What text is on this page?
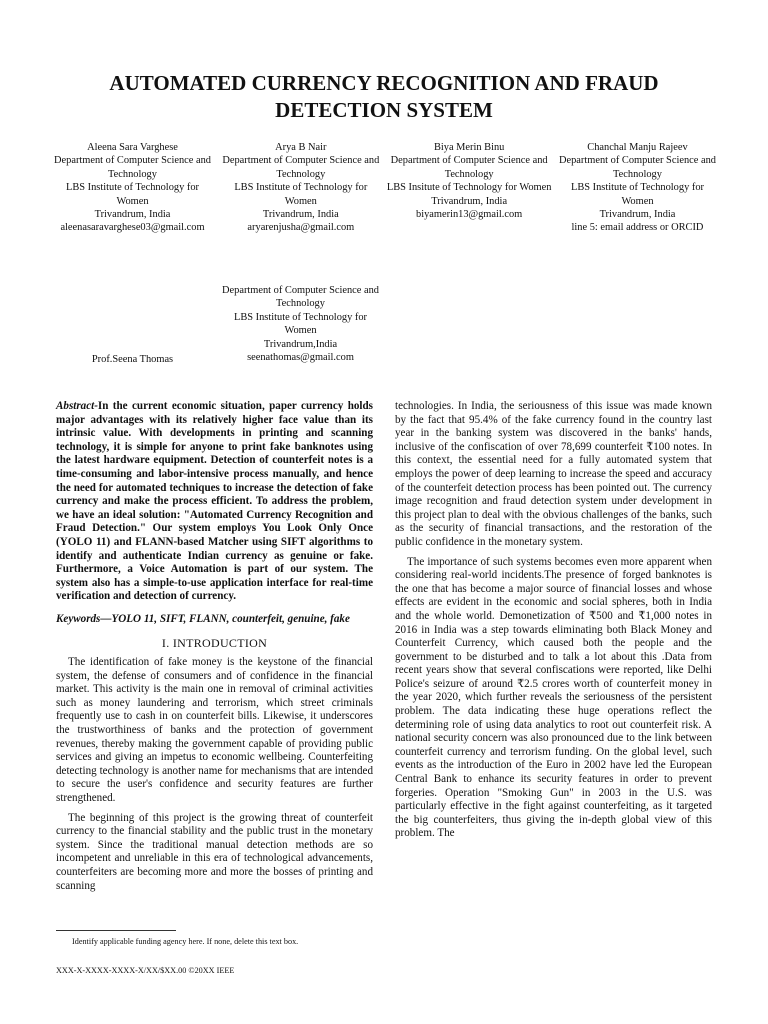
AUTOMATED CURRENCY RECOGNITION AND FRAUD DETECTION SYSTEM
Aleena Sara Varghese
Department of Computer Science and Technology
LBS Institute of Technology for Women
Trivandrum, India
aleenasaravarghese03@gmail.com
Arya B Nair
Department of Computer Science and Technology
LBS Institute of Technology for Women
Trivandrum, India
aryarenjusha@gmail.com
Biya Merin Binu
Department of Computer Science and Technology
LBS Insitute of Technology for Women
Trivandrum, India
biyamerin13@gmail.com
Chanchal Manju Rajeev
Department of Computer Science and Technology
LBS Institute of Technology for Women
Trivandrum, India
line 5: email address or ORCID
Department of Computer Science and Technology
LBS Institute of Technology for Women
Trivandrum,India
seenathomas@gmail.com
Prof.Seena Thomas

Abstract-In the current economic situation, paper currency holds major advantages with its relatively higher face value than its intrinsic value. With developments in printing and scanning technology, it is simple for anyone to print fake banknotes using the latest hardware equipment. Detection of counterfeit notes is a time-consuming and labor-intensive process manually, and hence the need for automated techniques to increase the detection of fake currency and make the process efficient. To address the problem, we have an ideal solution: "Automated Currency Recognition and Fraud Detection." Our system employs You Look Only Once (YOLO 11) and FLANN-based Matcher using SIFT algorithms to identify and authenticate Indian currency as genuine or fake. Furthermore, a Voice Automation is part of our system. The system also has a simple-to-use application interface for real-time verification and detection of currency.

Keywords—YOLO 11, SIFT, FLANN, counterfeit, genuine, fake

I. INTRODUCTION

The identification of fake money is the keystone of the financial system, the defense of consumers and of confidence in the financial market. This activity is the main one in removal of criminal activities such as money laundering and terrorism, which street criminals frequently use to cash in on counterfeit bills. Likewise, it underscores the trustworthiness of banks and the protection of government revenues, thereby making the government capable of providing public services and giving an impetus to economic wellbeing. Counterfeiting detecting technology is another name for mechanisms that are intended to secure the user's confidence and security features are further strengthened.

The beginning of this project is the growing threat of counterfeit currency to the financial stability and the public trust in the monetary system. Since the traditional manual detection methods are so incompetent and unreliable in this era of technological advancements, counterfeiters are becoming more and more the bosses of printing and scanning

technologies. In India, the seriousness of this issue was made known by the fact that 95.4% of the fake currency found in the country last year in the banking system was discovered in the banks' hands, inclusive of the confiscation of over 78,699 counterfeit ₹100 notes. In this context, the essential need for a fully automated system that employs the power of deep learning to increase the speed and accuracy of the counterfeit detection process has been pointed out. The currency image recognition and fraud detection system under development in this project plan to deal with the obvious challenges of the banks, such as the security of financial transactions, and the restoration of the public confidence in the monetary system.

The importance of such systems becomes even more apparent when considering real-world incidents.The presence of forged banknotes is the one that has become a major source of financial losses and whose effects are evident in the economic and social spheres, both in India and the whole world. Demonetization of ₹500 and ₹1,000 notes in 2016 in India was a step towards eliminating both Black Money and Counterfeit Currency, which caused both the people and the government to be disturbed and to talk a lot about this .Data from recent years show that several confiscations were reported, like Delhi Police's seizure of around ₹2.5 crores worth of counterfeit money in the year 2020, which further reveals the seriousness of the persistent problem. The data indicating these huge operations reflect the determining role of using data analytics to root out counterfeit risk. A national security concern was also pronounced due to the link between counterfeit currency and terrorism funding. On the global level, such events as the introduction of the Euro in 2002 have led the European Central Bank to enhance its security features in order to prevent forgeries. Operation "Smoking Gun" in 2003 in the U.S. was particularly effective in the fight against counterfeiting, as it targeted the big counterfeiters, thus giving the in-depth global view of this problem. The

Identify applicable funding agency here. If none, delete this text box.
XXX-X-XXXX-XXXX-X/XX/$XX.00 ©20XX IEEE
